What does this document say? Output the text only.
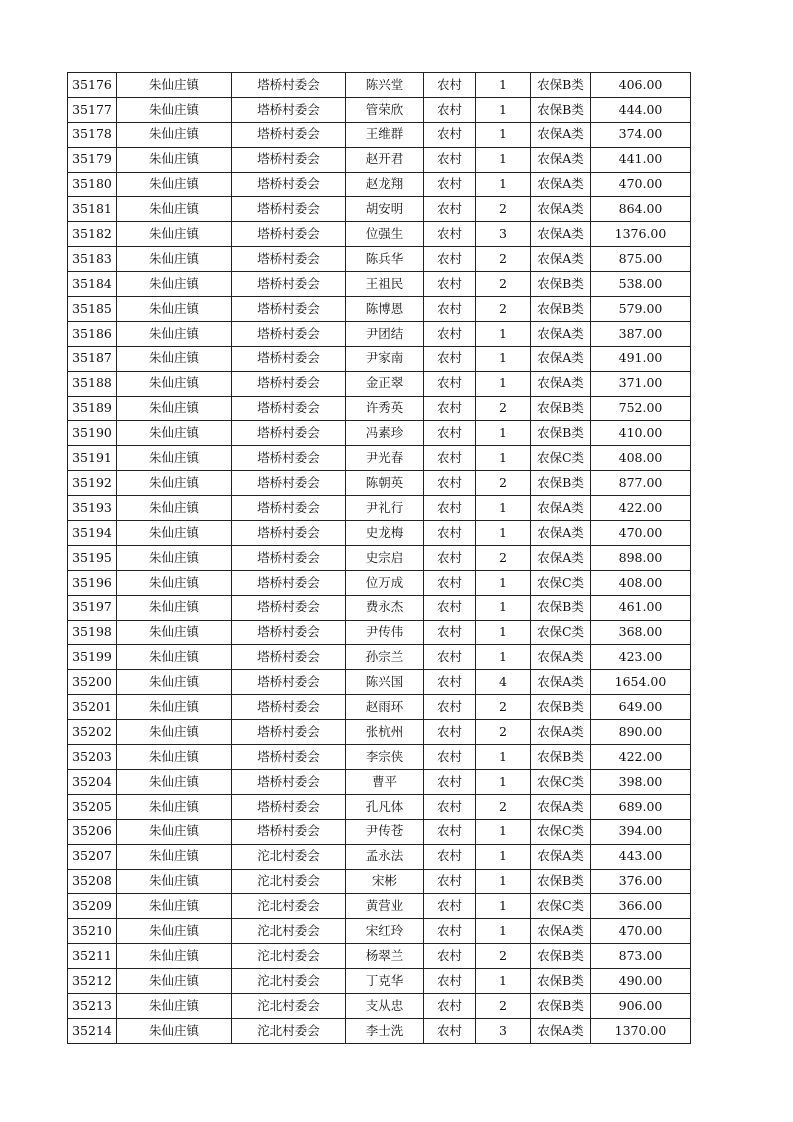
35176	朱仙庄镇	塔桥村委会	陈兴堂	农村	1	农保B类	406.00
35177	朱仙庄镇	塔桥村委会	管荣欣	农村	1	农保B类	444.00
35178	朱仙庄镇	塔桥村委会	王维群	农村	1	农保A类	374.00
35179	朱仙庄镇	塔桥村委会	赵开君	农村	1	农保A类	441.00
35180	朱仙庄镇	塔桥村委会	赵龙翔	农村	1	农保A类	470.00
35181	朱仙庄镇	塔桥村委会	胡安明	农村	2	农保A类	864.00
35182	朱仙庄镇	塔桥村委会	位强生	农村	3	农保A类	1376.00
35183	朱仙庄镇	塔桥村委会	陈兵华	农村	2	农保A类	875.00
35184	朱仙庄镇	塔桥村委会	王祖民	农村	2	农保B类	538.00
35185	朱仙庄镇	塔桥村委会	陈博恩	农村	2	农保B类	579.00
35186	朱仙庄镇	塔桥村委会	尹团结	农村	1	农保A类	387.00
35187	朱仙庄镇	塔桥村委会	尹家南	农村	1	农保A类	491.00
35188	朱仙庄镇	塔桥村委会	金正翠	农村	1	农保A类	371.00
35189	朱仙庄镇	塔桥村委会	许秀英	农村	2	农保B类	752.00
35190	朱仙庄镇	塔桥村委会	冯素珍	农村	1	农保B类	410.00
35191	朱仙庄镇	塔桥村委会	尹光春	农村	1	农保C类	408.00
35192	朱仙庄镇	塔桥村委会	陈朝英	农村	2	农保B类	877.00
35193	朱仙庄镇	塔桥村委会	尹礼行	农村	1	农保A类	422.00
35194	朱仙庄镇	塔桥村委会	史龙梅	农村	1	农保A类	470.00
35195	朱仙庄镇	塔桥村委会	史宗启	农村	2	农保A类	898.00
35196	朱仙庄镇	塔桥村委会	位万成	农村	1	农保C类	408.00
35197	朱仙庄镇	塔桥村委会	费永杰	农村	1	农保B类	461.00
35198	朱仙庄镇	塔桥村委会	尹传伟	农村	1	农保C类	368.00
35199	朱仙庄镇	塔桥村委会	孙宗兰	农村	1	农保A类	423.00
35200	朱仙庄镇	塔桥村委会	陈兴国	农村	4	农保A类	1654.00
35201	朱仙庄镇	塔桥村委会	赵雨环	农村	2	农保B类	649.00
35202	朱仙庄镇	塔桥村委会	张杭州	农村	2	农保A类	890.00
35203	朱仙庄镇	塔桥村委会	李宗侠	农村	1	农保B类	422.00
35204	朱仙庄镇	塔桥村委会	曹平	农村	1	农保C类	398.00
35205	朱仙庄镇	塔桥村委会	孔凡体	农村	2	农保A类	689.00
35206	朱仙庄镇	塔桥村委会	尹传苍	农村	1	农保C类	394.00
35207	朱仙庄镇	沱北村委会	孟永法	农村	1	农保A类	443.00
35208	朱仙庄镇	沱北村委会	宋彬	农村	1	农保B类	376.00
35209	朱仙庄镇	沱北村委会	黄营业	农村	1	农保C类	366.00
35210	朱仙庄镇	沱北村委会	宋红玲	农村	1	农保A类	470.00
35211	朱仙庄镇	沱北村委会	杨翠兰	农村	2	农保B类	873.00
35212	朱仙庄镇	沱北村委会	丁克华	农村	1	农保B类	490.00
35213	朱仙庄镇	沱北村委会	支从忠	农村	2	农保B类	906.00
35214	朱仙庄镇	沱北村委会	李士洗	农村	3	农保A类	1370.00
